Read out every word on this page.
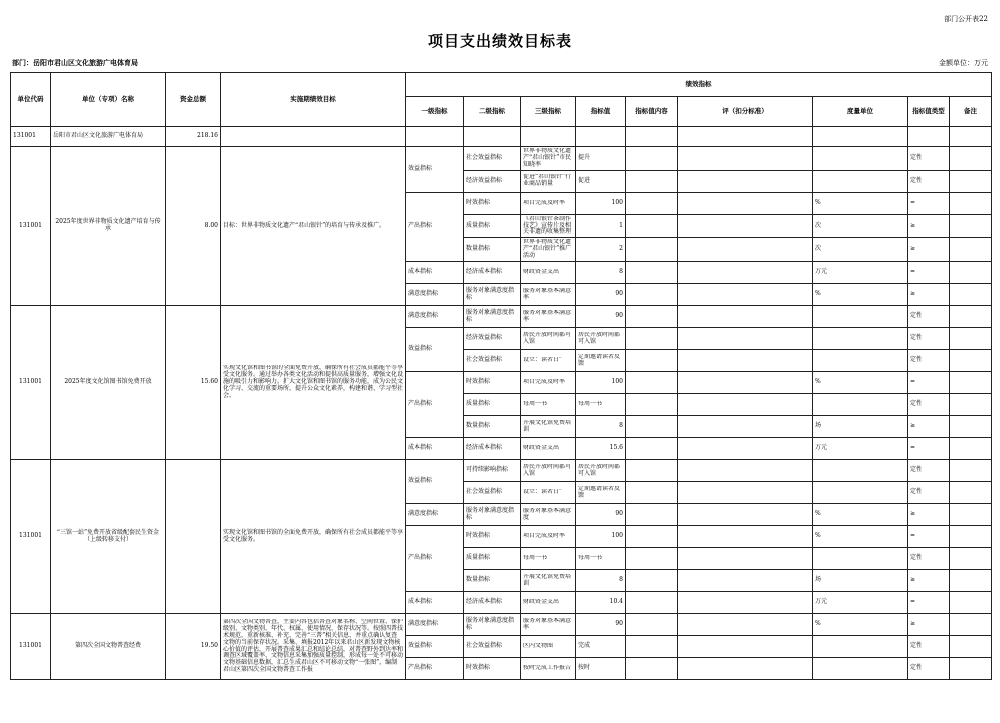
部门公开表22
项目支出绩效目标表
部门：岳阳市君山区文化旅游广电体育局	金额单位：万元
单位代码	单位（专项）名称	资金总额	实施期绩效目标	绩效指标								
				一级指标	二级指标	三级指标	指标值	指标值内容	评（扣分标准）	度量单位	指标值类型	备注
131001	岳阳市君山区文化旅游广电体育局	218.16										
131001	2025年度世界非物质文化遗产培育与传承	8.00	目标：世界非物质文化遗产“君山银针”的培育与传承及推广。	效益指标	社会效益指标	世界非物质文化遗产“君山银针”市民知晓率	提升				定性	
					经济效益指标	促进“君山银针”行业商品销量	促进				定性	
				产出指标	时效指标	项目完成及时率	100			%	=	
					质量指标	《君山银针茶制作技艺》宣传片及相关非遗的收集整理	1			次	≥	
					数量指标	世界非物质文化遗产“君山银针”推广活动	2			次	≥	
				成本指标	经济成本指标	财政资金支出	8			万元	=	
				满意度指标	服务对象满意度指标	服务对象基本满意率	90			%	≥	
131001	2025年度文化馆图书馆免费开放	15.60	实现文化馆和图书馆的全面免费开放，确保所有社会成员都能平等享受文化服务。通过举办各类文化活动和提供高质量服务，增强文化设施的吸引力和影响力。扩大文化馆和图书馆的服务功能，成为公民文化学习、交流的重要场所，提升公众文化素养，构建和谐、学习型社会。	满意度指标	服务对象满意度指标	服务对象基本满意率	90				定性	
				效益指标	经济效益指标	居民开放时间都可入馆	居民开放时间都可入馆				定性	
					社会效益指标	设立：读者日”	定期邀请读者反馈				定性	
				产出指标	时效指标	项目完成及时率	100			%	=	
					质量指标	每周一书	每周一书				定性	
					数量指标	开展文化馆免费培训	8			场	≥	
				成本指标	经济成本指标	财政资金支出	15.6			万元	=	
131001	“三馆一站”免费开放省级配套民生资金（上级转移支付）		实现文化馆和图书馆的全面免费开放，确保所有社会成员都能平等享受文化服务。	效益指标	可持续影响指标	居民开放时间都可入馆	居民开放时间都可入馆				定性	
					社会效益指标	设立：读者日”	定期邀请读者反馈				定性	
				满意度指标	服务对象满意度指标	服务对象基本满意度	90			%	≥	
				产出指标	时效指标	项目完成及时率	100			%	=	
					质量指标	每周一书	每周一书				定性	
					数量指标	开展文化馆免费培训	8			场	≥	
				成本指标	经济成本指标	财政资金支出	10.4			万元	=	
131001	第四次全国文物普查经费	19.50	第四次全国文物普查，主要内容包括普查对象名称、空间位置、保护级别、文物类别、年代、权属、使用情况、保存状况等。按照四普技术规范，重新核准、补充、完善“三普”相关信息，并重点确认复查文物的当前保存状况。采集、填报2012年以来君山区新发现文物核心价值的评估，开展普查成果汇总和结论总结，对普查野外到达率和调查区域覆盖率、文物信息采集加强质量控制，形成每一处不可移动文物基础信息数据，汇总生成君山区不可移动文物“一张图”，编制君山区第四次全国文物普查工作报	满意度指标	服务对象满意度指标	服务对象基本满意率	90			%	≥	
				效益指标	社会效益指标	区内文物图	完成				定性	
				产出指标	时效指标	按时完成工作报告	按时				定性	
